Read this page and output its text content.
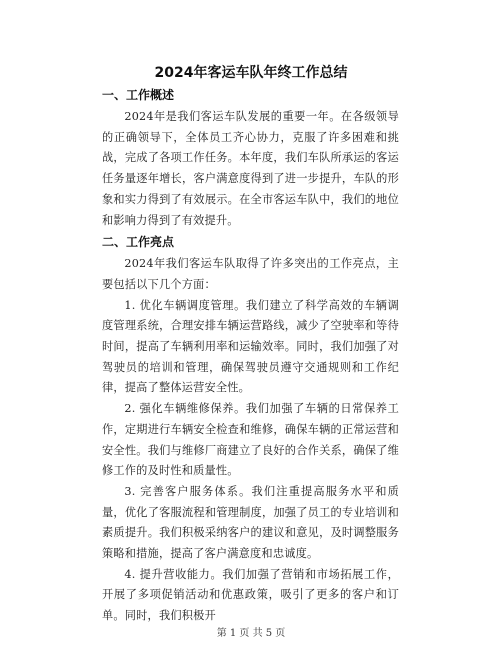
2024年客运车队年终工作总结
一、工作概述

2024年是我们客运车队发展的重要一年。在各级领导的正确领导下，全体员工齐心协力，克服了许多困难和挑战，完成了各项工作任务。本年度，我们车队所承运的客运任务量逐年增长，客户满意度得到了进一步提升，车队的形象和实力得到了有效展示。在全市客运车队中，我们的地位和影响力得到了有效提升。

二、工作亮点

2024年我们客运车队取得了许多突出的工作亮点，主要包括以下几个方面：

1. 优化车辆调度管理。我们建立了科学高效的车辆调度管理系统，合理安排车辆运营路线，减少了空驶率和等待时间，提高了车辆利用率和运输效率。同时，我们加强了对驾驶员的培训和管理，确保驾驶员遵守交通规则和工作纪律，提高了整体运营安全性。

2. 强化车辆维修保养。我们加强了车辆的日常保养工作，定期进行车辆安全检查和维修，确保车辆的正常运营和安全性。我们与维修厂商建立了良好的合作关系，确保了维修工作的及时性和质量性。

3. 完善客户服务体系。我们注重提高服务水平和质量，优化了客服流程和管理制度，加强了员工的专业培训和素质提升。我们积极采纳客户的建议和意见，及时调整服务策略和措施，提高了客户满意度和忠诚度。

4. 提升营收能力。我们加强了营销和市场拓展工作，开展了多项促销活动和优惠政策，吸引了更多的客户和订单。同时，我们积极开

第 1 页 共 5 页
